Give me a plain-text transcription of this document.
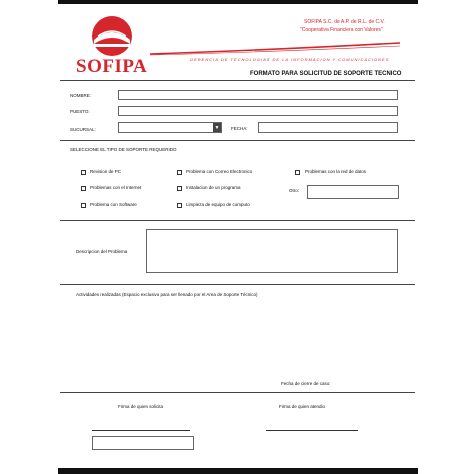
SOFIPA
SOFIPA S.C. de A.P. de R.L. de C.V.
"Cooperativa Financiera con Valores"
GERENCIA DE TECNOLOGIAS DE LA INFORMACION Y COMUNICACIONES
FORMATO PARA SOLICITUD DE SOPORTE TECNICO
NOMBRE:
PUESTO:
SUCURSAL:	▼	FECHA:
SELECCIONE EL TIPO DE SOPORTE REQUERIDO
Revision de PC	Problema con Correo Electronico	Problemas con la red de datos
Problemas con el Internet	Instalacion de un programa
Otro:
Problema con Software	Limpieza de equipo de computo
Descripcion del Problema
Actividades realizadas (Espacio exclusivo para ser llenado por el Area de Soporte Técnico)
Fecha de cierre de caso:
Firma de quien solicita	Firma de quien atendio
